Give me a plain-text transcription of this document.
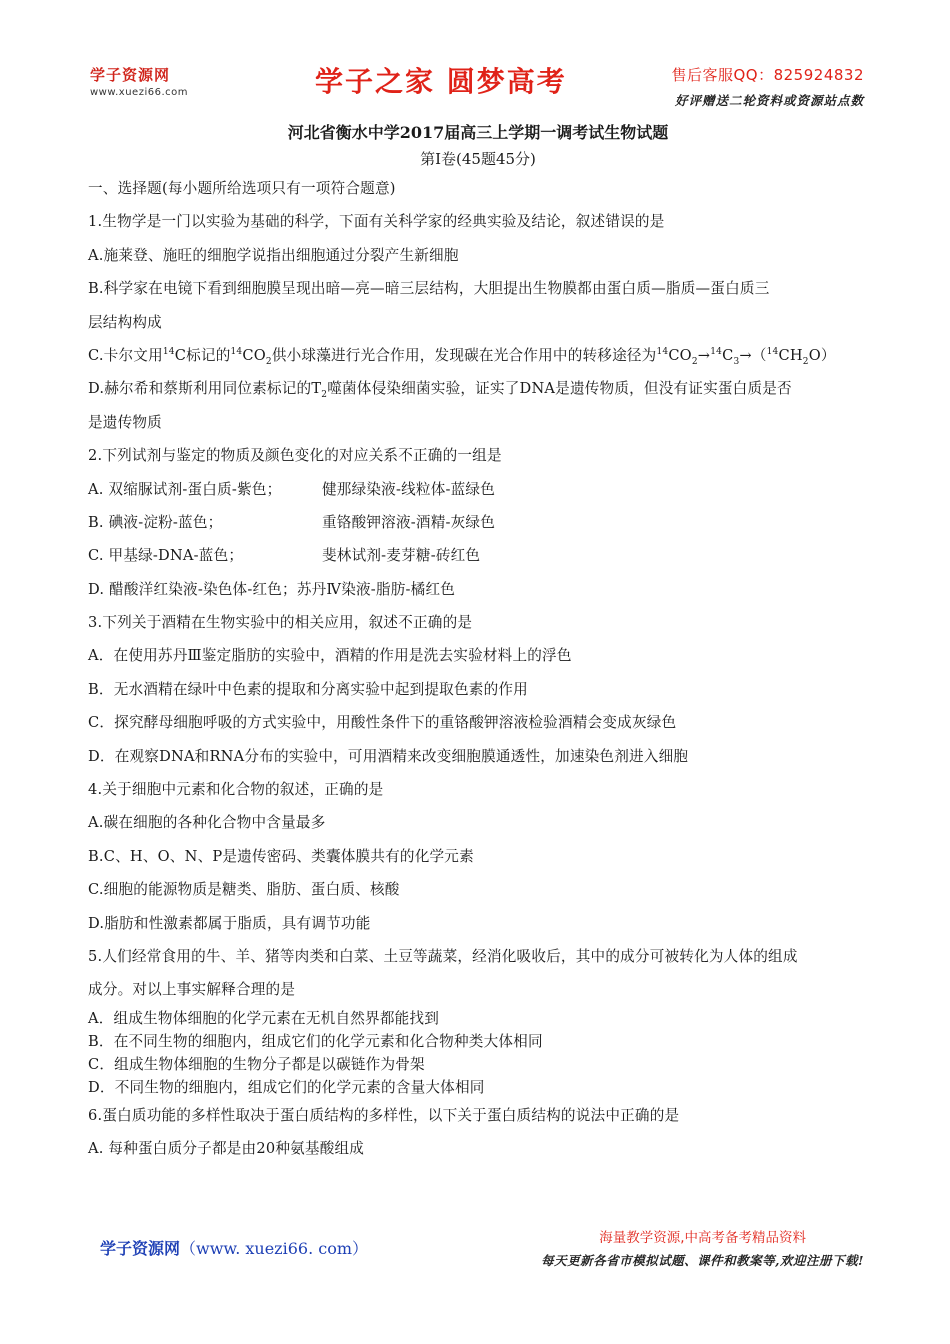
学子资源网
www.xuezi66.com	学子之家 圆梦高考	售后客服QQ：825924832
好评赠送二轮资料或资源站点数
河北省衡水中学2017届高三上学期一调考试生物试题
第Ⅰ卷(45题45分)
一、选择题(每小题所给选项只有一项符合题意)
1.生物学是一门以实验为基础的科学，下面有关科学家的经典实验及结论，叙述错误的是
A.施莱登、施旺的细胞学说指出细胞通过分裂产生新细胞
B.科学家在电镜下看到细胞膜呈现出暗—亮—暗三层结构，大胆提出生物膜都由蛋白质—脂质—蛋白质三
层结构构成
C.卡尔文用$^{14}$C标记的$^{14}CO_2$供小球藻进行光合作用，发现碳在光合作用中的转移途径为$^{14}CO_2\to^{14}C_3\to(^{14}CH_2O)$
D.赫尔希和蔡斯利用同位素标记的$T_2$噬菌体侵染细菌实验，证实了DNA是遗传物质，但没有证实蛋白质是否
是遗传物质
2.下列试剂与鉴定的物质及颜色变化的对应关系不正确的一组是
A. 双缩脲试剂-蛋白质-紫色；	健那绿染液-线粒体-蓝绿色
B. 碘液-淀粉-蓝色；	重铬酸钾溶液-酒精-灰绿色
C. 甲基绿-DNA-蓝色；	斐林试剂-麦芽糖-砖红色
D. 醋酸洋红染液-染色体-红色；苏丹Ⅳ染液-脂肪-橘红色
3.下列关于酒精在生物实验中的相关应用，叙述不正确的是
A．在使用苏丹Ⅲ鉴定脂肪的实验中，酒精的作用是洗去实验材料上的浮色
B．无水酒精在绿叶中色素的提取和分离实验中起到提取色素的作用
C．探究酵母细胞呼吸的方式实验中，用酸性条件下的重铬酸钾溶液检验酒精会变成灰绿色
D．在观察DNA和RNA分布的实验中，可用酒精来改变细胞膜通透性，加速染色剂进入细胞
4.关于细胞中元素和化合物的叙述，正确的是
A.碳在细胞的各种化合物中含量最多
B.C、H、O、N、P是遗传密码、类囊体膜共有的化学元素
C.细胞的能源物质是糖类、脂肪、蛋白质、核酸
D.脂肪和性激素都属于脂质，具有调节功能
5.人们经常食用的牛、羊、猪等肉类和白菜、土豆等蔬菜，经消化吸收后，其中的成分可被转化为人体的组成
成分。对以上事实解释合理的是
A．组成生物体细胞的化学元素在无机自然界都能找到
B．在不同生物的细胞内，组成它们的化学元素和化合物种类大体相同
C．组成生物体细胞的生物分子都是以碳链作为骨架
D．不同生物的细胞内，组成它们的化学元素的含量大体相同
6.蛋白质功能的多样性取决于蛋白质结构的多样性，以下关于蛋白质结构的说法中正确的是
A. 每种蛋白质分子都是由20种氨基酸组成
学子资源网（www. xuezi66. com）
海量教学资源,中高考备考精品资料
每天更新各省市模拟试题、课件和教案等,欢迎注册下载!
